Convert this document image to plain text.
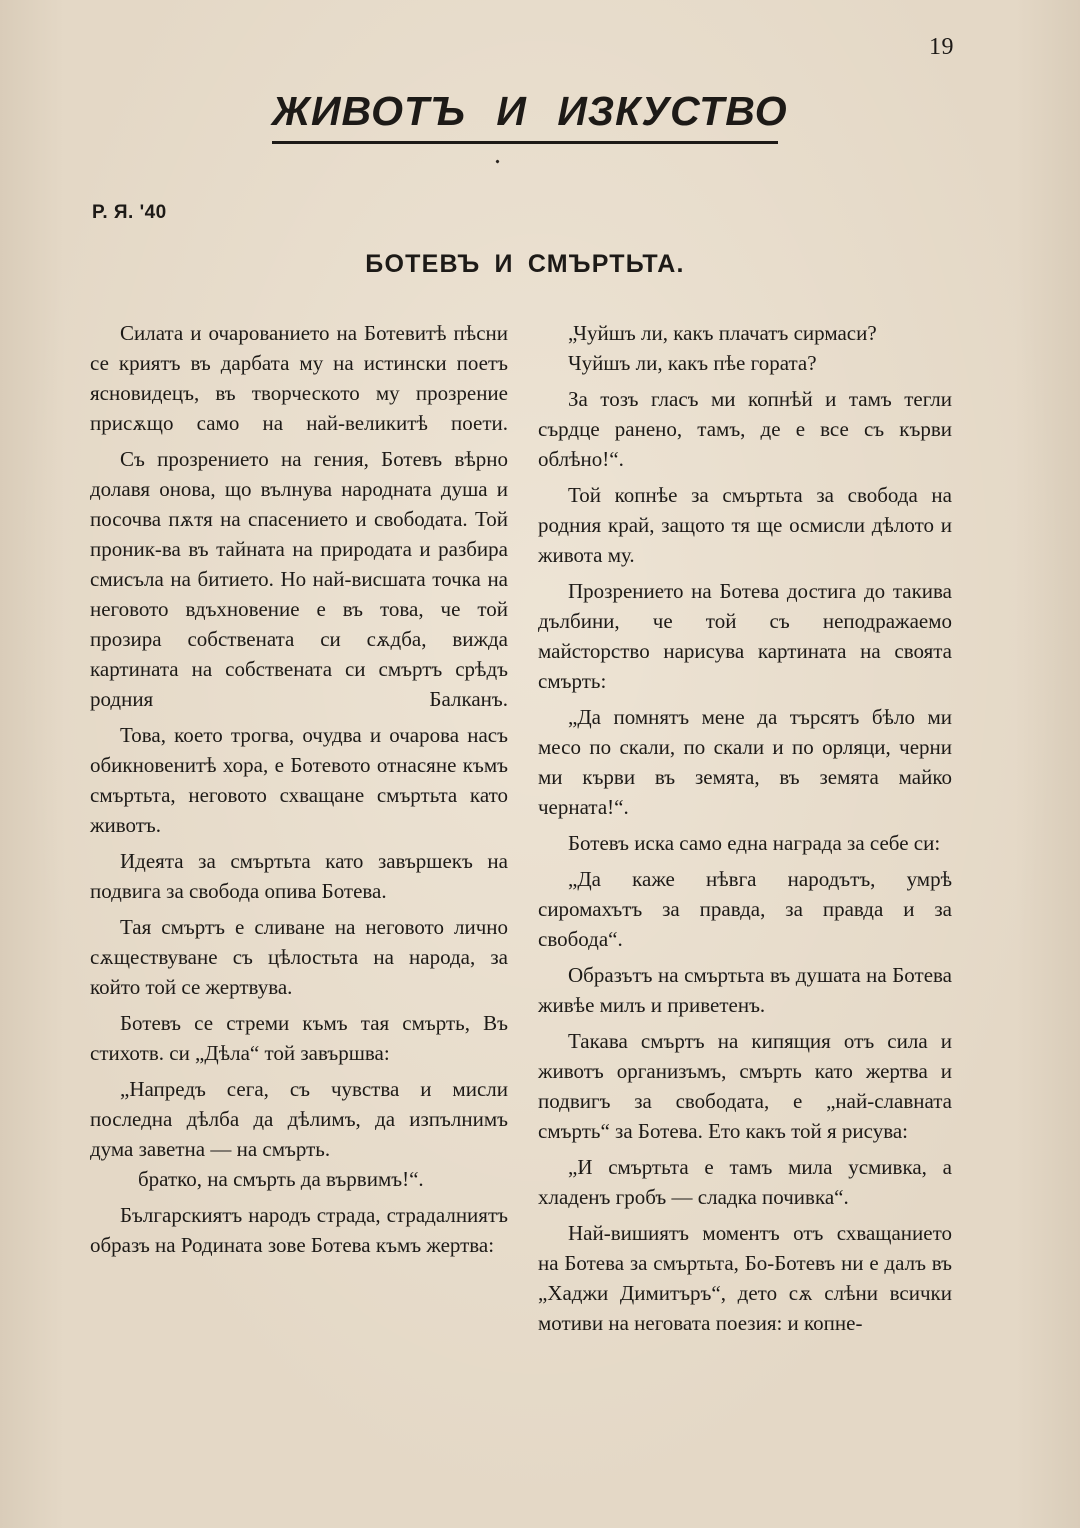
19
ЖИВОТЪ И ИЗКУСТВО
Р. Я. '40
БОТЕВЪ И СМЪРТЬТА.

Силата и очарованието на Ботевитѣ пѣсни се криятъ въ дарбата му на истински поетъ ясновидецъ, въ творческото му прозрение присѫщо само на най-великитѣ поети.

Съ прозрението на гения, Ботевъ вѣрно долавя онова, що вълнува народната душа и посочва пѫтя на спасението и свободата. Той проник-ва въ тайната на природата и разбира смисъла на битието. Но най-висшата точка на неговото вдъхновение е въ това, че той прозира собствената си сѫдба, вижда картината на собствената си смъртъ срѣдъ родния Балканъ.

Това, което трогва, очудва и очарова насъ обикновенитѣ хора, е Ботевото отнасяне къмъ смъртьта, неговото схващане смъртьта като животъ.

Идеята за смъртьта като завършекъ на подвига за свобода опива Ботева.

Тая смъртъ е сливане на неговото лично сѫществуване съ цѣлостьта на народа, за който той се жертвува.

Ботевъ се стреми къмъ тая смърть, Въ стихотв. си „Дѣла“ той завършва:

„Напредъ сега, съ чувства и мисли последна дѣлба да дѣлимъ, да изпълнимъ дума заветна — на смърть.

братко, на смърть да вървимъ!“.

Българскиятъ народъ страда, страдалниятъ образъ на Родината зове Ботева къмъ жертва:

„Чуйшъ ли, какъ плачатъ сирмаси?
Чуйшъ ли, какъ пѣе гората?

За тозъ гласъ ми копнѣй и тамъ тегли сърдце ранено, тамъ, де е все съ кърви облѣно!“.

Той копнѣе за смъртьта за свобода на родния край, защото тя ще осмисли дѣлото и живота му.

Прозрението на Ботева достига до такива дълбини, че той съ неподражаемо майсторство нарисува картината на своята смърть:

„Да помнятъ мене да търсятъ бѣло ми месо по скали, по скали и по орляци, черни ми кърви въ земята, въ земята майко черната!“.

Ботевъ иска само една награда за себе си:

„Да каже нѣвга народътъ, умрѣ сиромахътъ за правда, за правда и за свобода“.

Образътъ на смъртьта въ душата на Ботева живѣе милъ и приветенъ.

Такава смъртъ на кипящия отъ сила и животъ организъмъ, смърть като жертва и подвигъ за свободата, е „най-славната смърть“ за Ботева. Ето какъ той я рисува:

„И смъртьта е тамъ мила усмивка, а хладенъ гробъ — сладка почивка“.

Най-вишиятъ моментъ отъ схващанието на Ботева за смъртьта, Бо-Ботевъ ни е далъ въ „Хаджи Димитъръ“, дето сѫ слѣни всички мотиви на неговата поезия: и копне-
